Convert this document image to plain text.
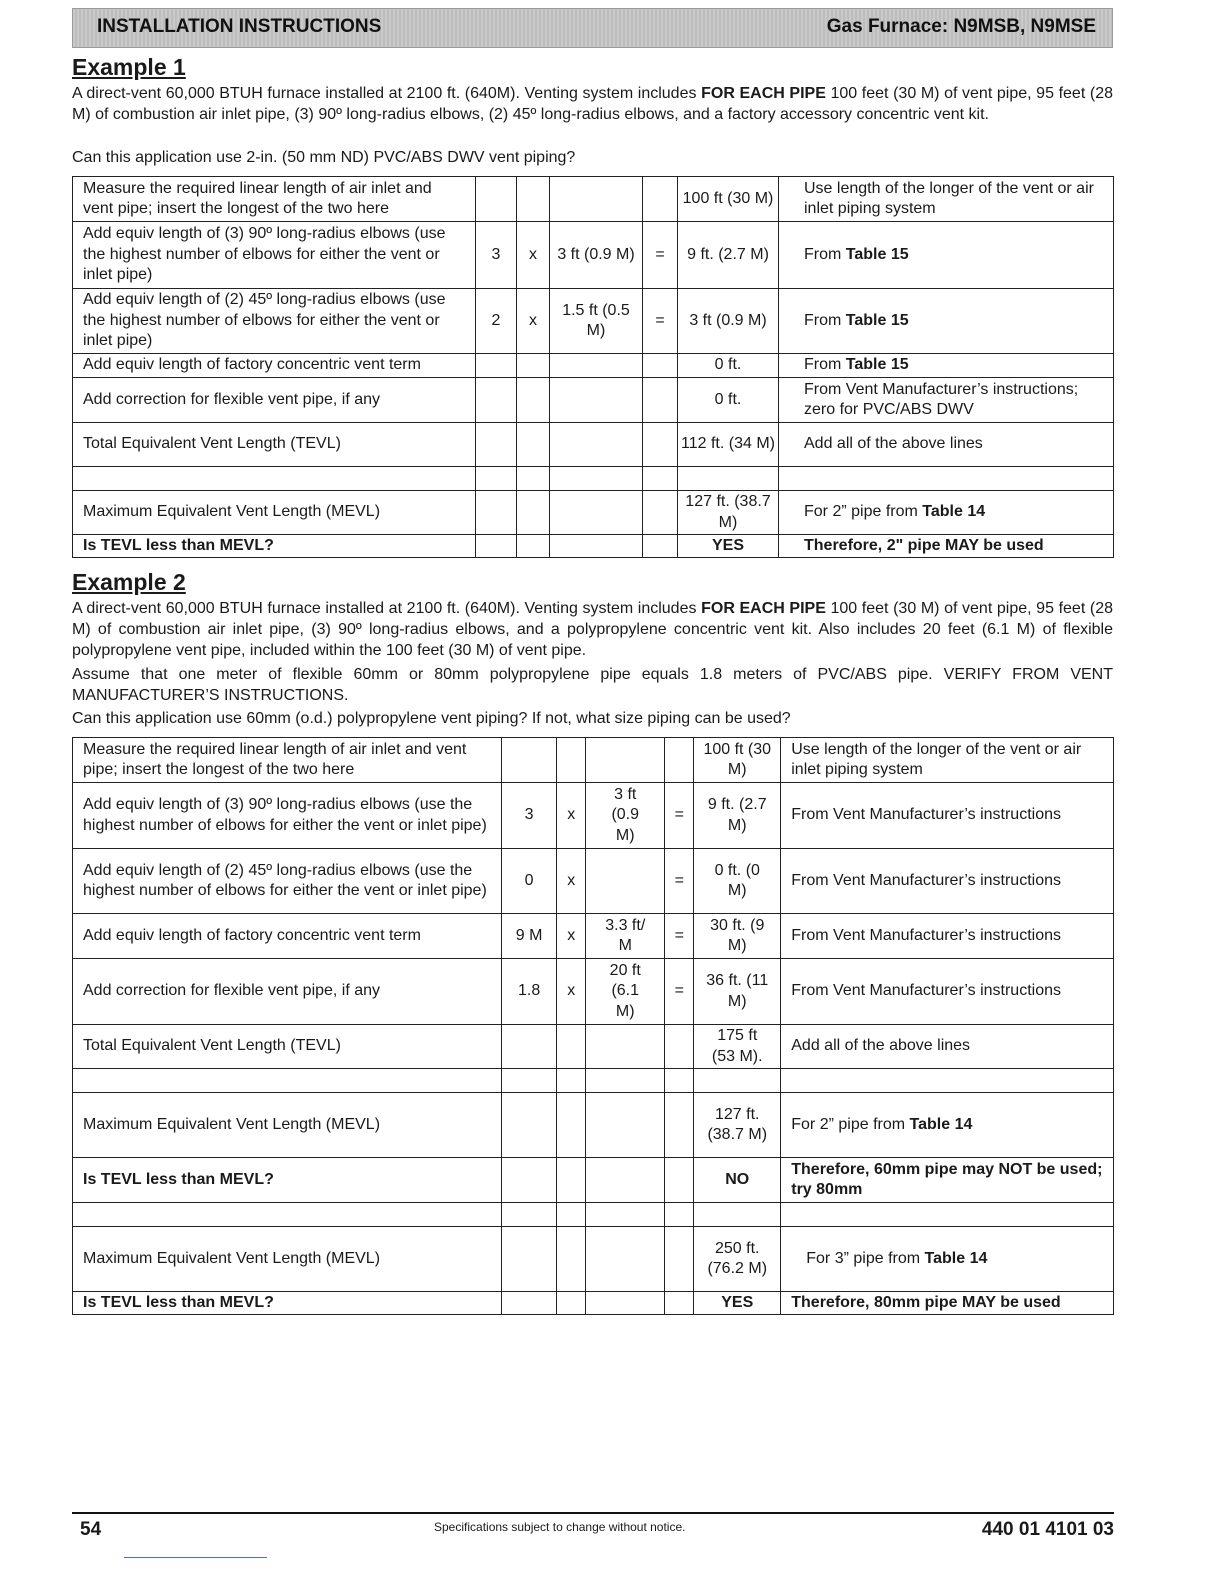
INSTALLATION INSTRUCTIONS	Gas Furnace: N9MSB, N9MSE
Example 1
A direct-vent 60,000 BTUH furnace installed at 2100 ft. (640M). Venting system includes FOR EACH PIPE 100 feet (30 M) of vent pipe, 95 feet (28 M) of combustion air inlet pipe, (3) 90º long-radius elbows, (2) 45º long-radius elbows, and a factory accessory concentric vent kit.
Can this application use 2-in. (50 mm ND) PVC/ABS DWV vent piping?
Measure the required linear length of air inlet and vent pipe; insert the longest of the two here					100 ft (30 M)	Use length of the longer of the vent or air inlet piping system
Add equiv length of (3) 90º long-radius elbows (use the highest number of elbows for either the vent or inlet pipe)	3	x	3 ft (0.9 M)	=	9 ft. (2.7 M)	From Table 15
Add equiv length of (2) 45º long-radius elbows (use the highest number of elbows for either the vent or inlet pipe)	2	x	1.5 ft (0.5 M)	=	3 ft (0.9 M)	From Table 15
Add equiv length of factory concentric vent term					0 ft.	From Table 15
Add correction for flexible vent pipe, if any					0 ft.	From Vent Manufacturer’s instructions; zero for PVC/ABS DWV
Total Equivalent Vent Length (TEVL)					112 ft. (34 M)	Add all of the above lines

Maximum Equivalent Vent Length (MEVL)					127 ft. (38.7 M)	For 2” pipe from Table 14
Is TEVL less than MEVL?					YES	Therefore, 2" pipe MAY be used
Example 2
A direct-vent 60,000 BTUH furnace installed at 2100 ft. (640M). Venting system includes FOR EACH PIPE 100 feet (30 M) of vent pipe, 95 feet (28 M) of combustion air inlet pipe, (3) 90º long-radius elbows, and a polypropylene concentric vent kit. Also includes 20 feet (6.1 M) of flexible polypropylene vent pipe, included within the 100 feet (30 M) of vent pipe.
Assume that one meter of flexible 60mm or 80mm polypropylene pipe equals 1.8 meters of PVC/ABS pipe. VERIFY FROM VENT MANUFACTURER’S INSTRUCTIONS.
Can this application use 60mm (o.d.) polypropylene vent piping? If not, what size piping can be used?
Measure the required linear length of air inlet and vent pipe; insert the longest of the two here					100 ft (30 M)	Use length of the longer of the vent or air inlet piping system
Add equiv length of (3) 90º long-radius elbows (use the highest number of elbows for either the vent or inlet pipe)	3	x	3 ft (0.9 M)	=	9 ft. (2.7 M)	From Vent Manufacturer’s instructions
Add equiv length of (2) 45º long-radius elbows (use the highest number of elbows for either the vent or inlet pipe)	0	x		=	0 ft. (0 M)	From Vent Manufacturer’s instructions
Add equiv length of factory concentric vent term	9 M	x	3.3 ft/ M	=	30 ft. (9 M)	From Vent Manufacturer’s instructions
Add correction for flexible vent pipe, if any	1.8	x	20 ft (6.1 M)	=	36 ft. (11 M)	From Vent Manufacturer’s instructions
Total Equivalent Vent Length (TEVL)					175 ft (53 M).	Add all of the above lines

Maximum Equivalent Vent Length (MEVL)					127 ft. (38.7 M)	For 2” pipe from Table 14
Is TEVL less than MEVL?					NO	Therefore, 60mm pipe may NOT be used; try 80mm

Maximum Equivalent Vent Length (MEVL)					250 ft. (76.2 M)	For 3” pipe from Table 14
Is TEVL less than MEVL?					YES	Therefore, 80mm pipe MAY be used
54	Specifications subject to change without notice.	440 01 4101 03
